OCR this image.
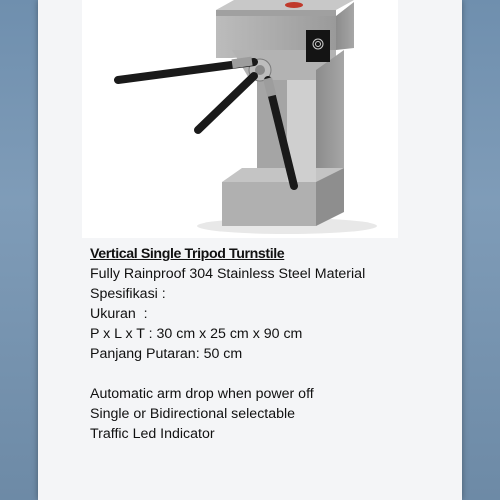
Vertical Single Tripod Turnstile

Fully Rainproof 304 Stainless Steel Material

Spesifikasi :

Ukuran  :

P x L x T : 30 cm x 25 cm x 90 cm

Panjang Putaran: 50 cm

Automatic arm drop when power off

Single or Bidirectional selectable

Traffic Led Indicator
